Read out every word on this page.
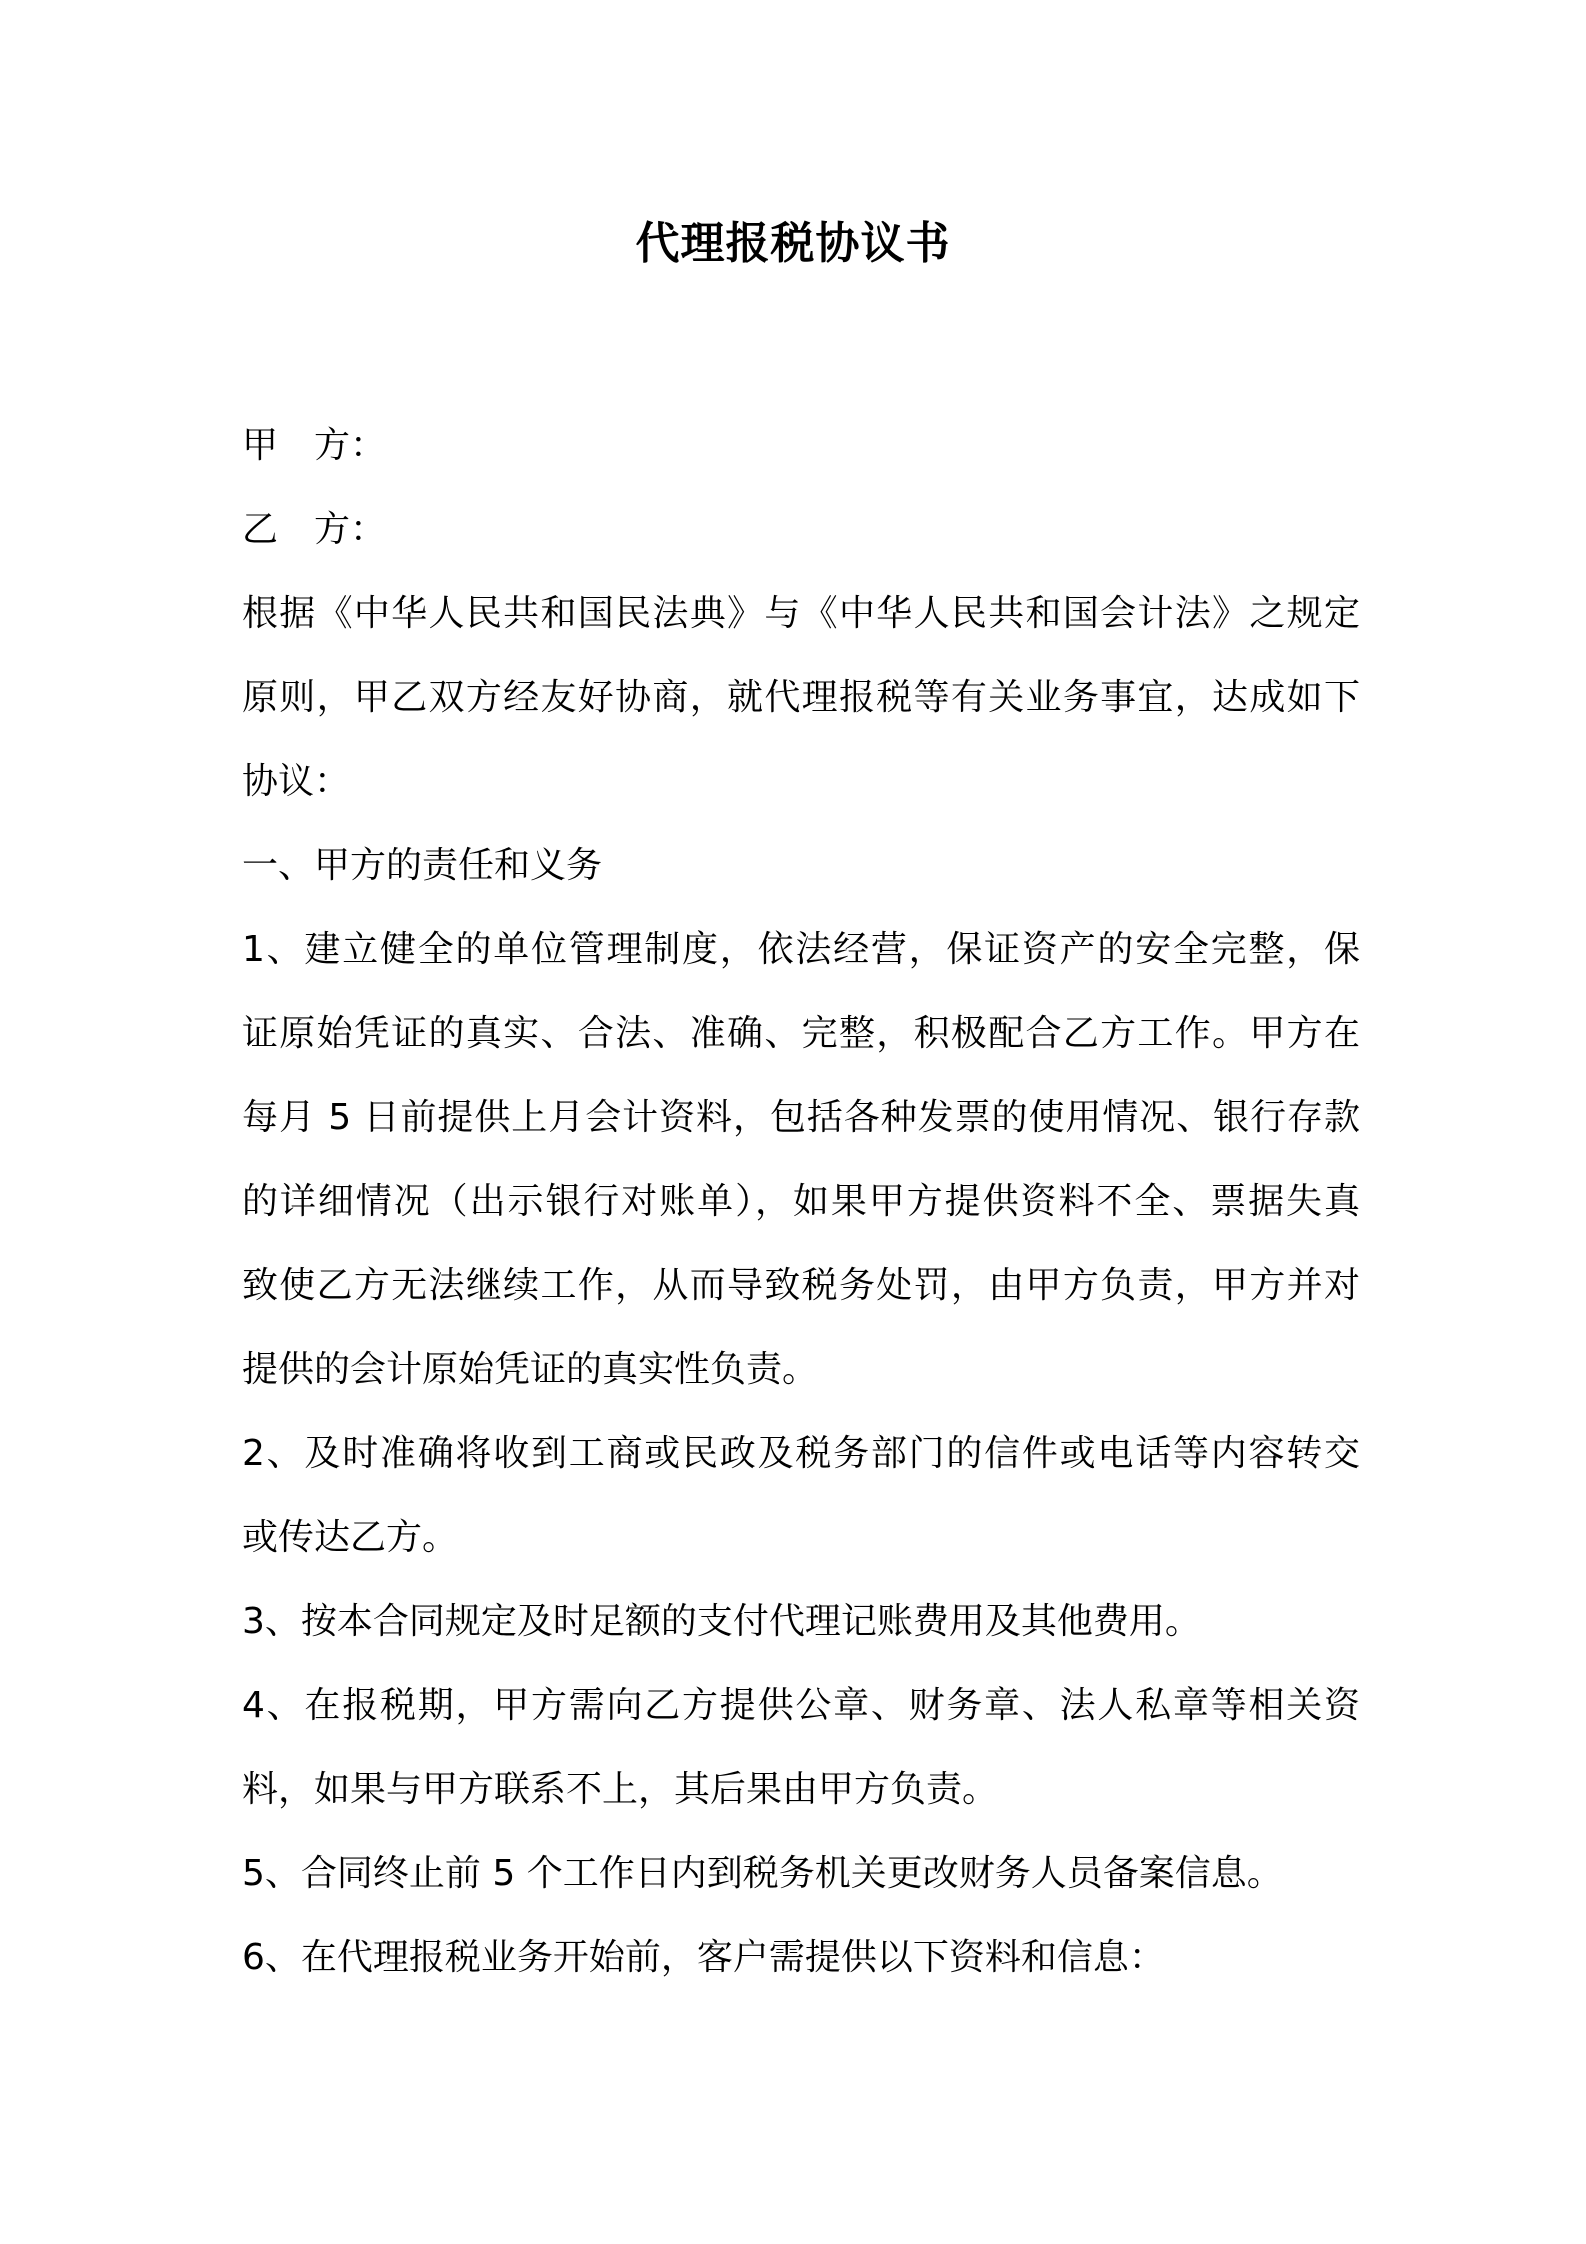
代理报税协议书
甲　方：
乙　方：
根据《中华人民共和国民法典》与《中华人民共和国会计法》之规定
原则，甲乙双方经友好协商，就代理报税等有关业务事宜，达成如下
协议：
一、甲方的责任和义务
1、建立健全的单位管理制度，依法经营，保证资产的安全完整，保
证原始凭证的真实、合法、准确、完整，积极配合乙方工作。甲方在
每月 5 日前提供上月会计资料，包括各种发票的使用情况、银行存款
的详细情况（出示银行对账单），如果甲方提供资料不全、票据失真
致使乙方无法继续工作，从而导致税务处罚，由甲方负责，甲方并对
提供的会计原始凭证的真实性负责。
2、及时准确将收到工商或民政及税务部门的信件或电话等内容转交
或传达乙方。
3、按本合同规定及时足额的支付代理记账费用及其他费用。
4、在报税期，甲方需向乙方提供公章、财务章、法人私章等相关资
料，如果与甲方联系不上，其后果由甲方负责。
5、合同终止前 5 个工作日内到税务机关更改财务人员备案信息。
6、在代理报税业务开始前，客户需提供以下资料和信息：
